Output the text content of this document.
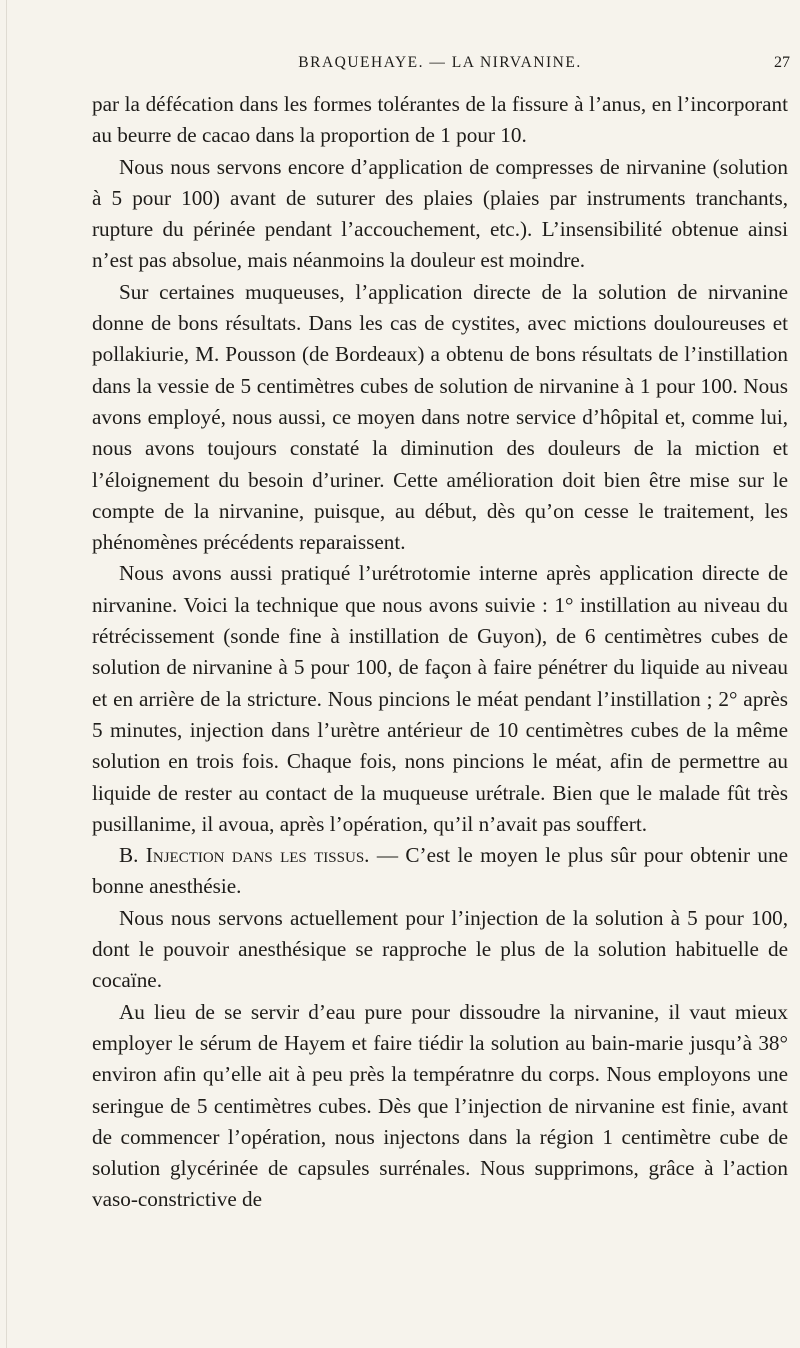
BRAQUEHAYE. — LA NIRVANINE.	27

par la défécation dans les formes tolérantes de la fissure à l’anus, en l’incorporant au beurre de cacao dans la proportion de 1 pour 10.

Nous nous servons encore d’application de compresses de nirvanine (solution à 5 pour 100) avant de suturer des plaies (plaies par instruments tranchants, rupture du périnée pendant l’accouchement, etc.). L’insensibilité obtenue ainsi n’est pas absolue, mais néanmoins la douleur est moindre.

Sur certaines muqueuses, l’application directe de la solution de nirvanine donne de bons résultats. Dans les cas de cystites, avec mictions douloureuses et pollakiurie, M. Pousson (de Bordeaux) a obtenu de bons résultats de l’instillation dans la vessie de 5 centimètres cubes de solution de nirvanine à 1 pour 100. Nous avons employé, nous aussi, ce moyen dans notre service d’hôpital et, comme lui, nous avons toujours constaté la diminution des douleurs de la miction et l’éloignement du besoin d’uriner. Cette amélioration doit bien être mise sur le compte de la nirvanine, puisque, au début, dès qu’on cesse le traitement, les phénomènes précédents reparaissent.

Nous avons aussi pratiqué l’urétrotomie interne après application directe de nirvanine. Voici la technique que nous avons suivie : 1° instillation au niveau du rétrécissement (sonde fine à instillation de Guyon), de 6 centimètres cubes de solution de nirvanine à 5 pour 100, de façon à faire pénétrer du liquide au niveau et en arrière de la stricture. Nous pincions le méat pendant l’instillation ; 2° après 5 minutes, injection dans l’urètre antérieur de 10 centimètres cubes de la même solution en trois fois. Chaque fois, nons pincions le méat, afin de permettre au liquide de rester au contact de la muqueuse urétrale. Bien que le malade fût très pusillanime, il avoua, après l’opération, qu’il n’avait pas souffert.

B. Injection dans les tissus. — C’est le moyen le plus sûr pour obtenir une bonne anesthésie.

Nous nous servons actuellement pour l’injection de la solution à 5 pour 100, dont le pouvoir anesthésique se rapproche le plus de la solution habituelle de cocaïne.

Au lieu de se servir d’eau pure pour dissoudre la nirvanine, il vaut mieux employer le sérum de Hayem et faire tiédir la solution au bain-marie jusqu’à 38° environ afin qu’elle ait à peu près la températnre du corps. Nous employons une seringue de 5 centimètres cubes. Dès que l’injection de nirvanine est finie, avant de commencer l’opération, nous injectons dans la région 1 centimètre cube de solution glycérinée de capsules surrénales. Nous supprimons, grâce à l’action vaso-constrictive de
